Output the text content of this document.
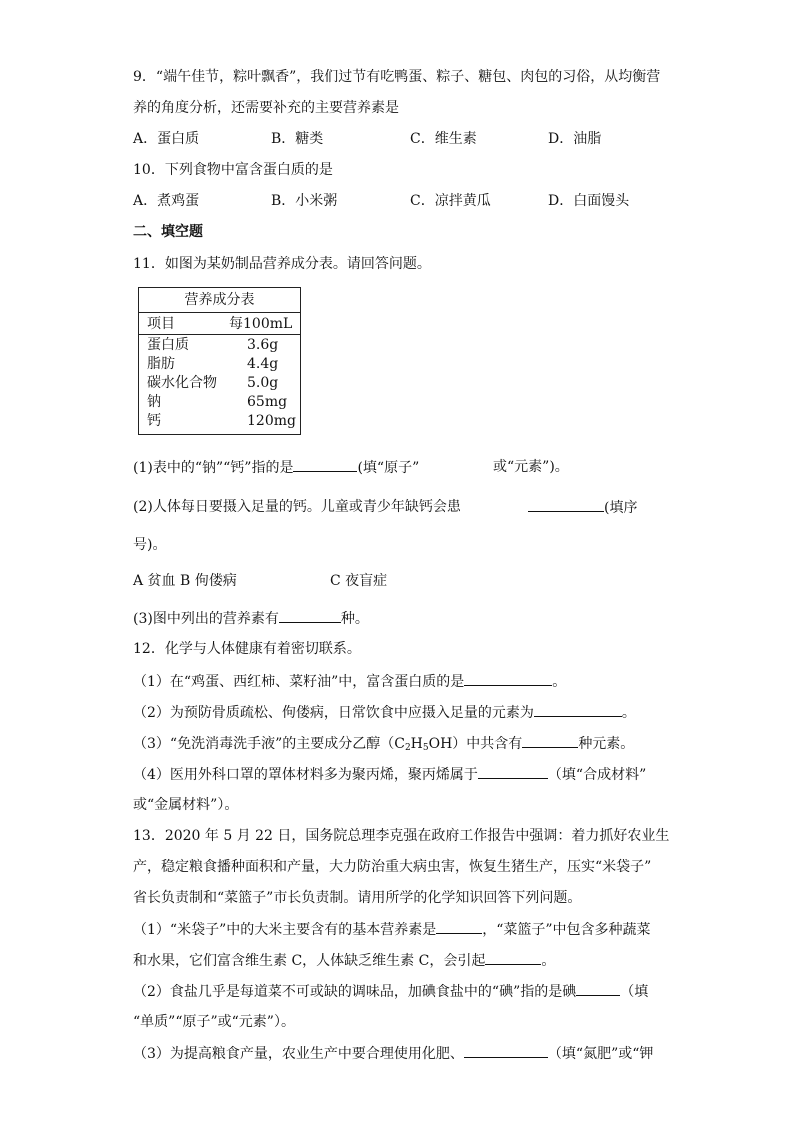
9．“端午佳节，粽叶飘香”，我们过节有吃鸭蛋、粽子、糖包、肉包的习俗，从均衡营
养的角度分析，还需要补充的主要营养素是
A．蛋白质	B．糖类	C．维生素	D．油脂
10．下列食物中富含蛋白质的是
A．煮鸡蛋	B．小米粥	C．凉拌黄瓜	D．白面馒头
二、填空题
11．如图为某奶制品营养成分表。请回答问题。
营养成分表
项目	每100mL
蛋白质	3.6g
脂肪	4.4g
碳水化合物 5.0g
钠	65mg
钙	120mg
(1)表中的“钠”“钙”指的是	(填“原子”	或“元素”)。
(2)人体每日要摄入足量的钙。儿童或青少年缺钙会患	(填序
号)。
A 贫血 B 佝偻病	C 夜盲症
(3)图中列出的营养素有	种。
12．化学与人体健康有着密切联系。
（1）在“鸡蛋、西红柿、菜籽油”中，富含蛋白质的是	。
（2）为预防骨质疏松、佝偻病，日常饮食中应摄入足量的元素为	。
（3）“免洗消毒洗手液”的主要成分乙醇$(C_2H_5OH)$中共含有	种元素。
（4）医用外科口罩的罩体材料多为聚丙烯，聚丙烯属于	（填“合成材料”
或“金属材料”）。
13．2020 年 5 月 22 日，国务院总理李克强在政府工作报告中强调：着力抓好农业生
产，稳定粮食播种面积和产量，大力防治重大病虫害，恢复生猪生产，压实“米袋子”
省长负责制和“菜篮子”市长负责制。请用所学的化学知识回答下列问题。
（1）“米袋子”中的大米主要含有的基本营养素是	，“菜篮子”中包含多种蔬菜
和水果，它们富含维生素 C，人体缺乏维生素 C，会引起	。
（2）食盐几乎是每道菜不可或缺的调味品，加碘食盐中的“碘”指的是碘	（填
“单质”“原子”或“元素”）。
（3）为提高粮食产量，农业生产中要合理使用化肥、	（填“氮肥”或“钾
